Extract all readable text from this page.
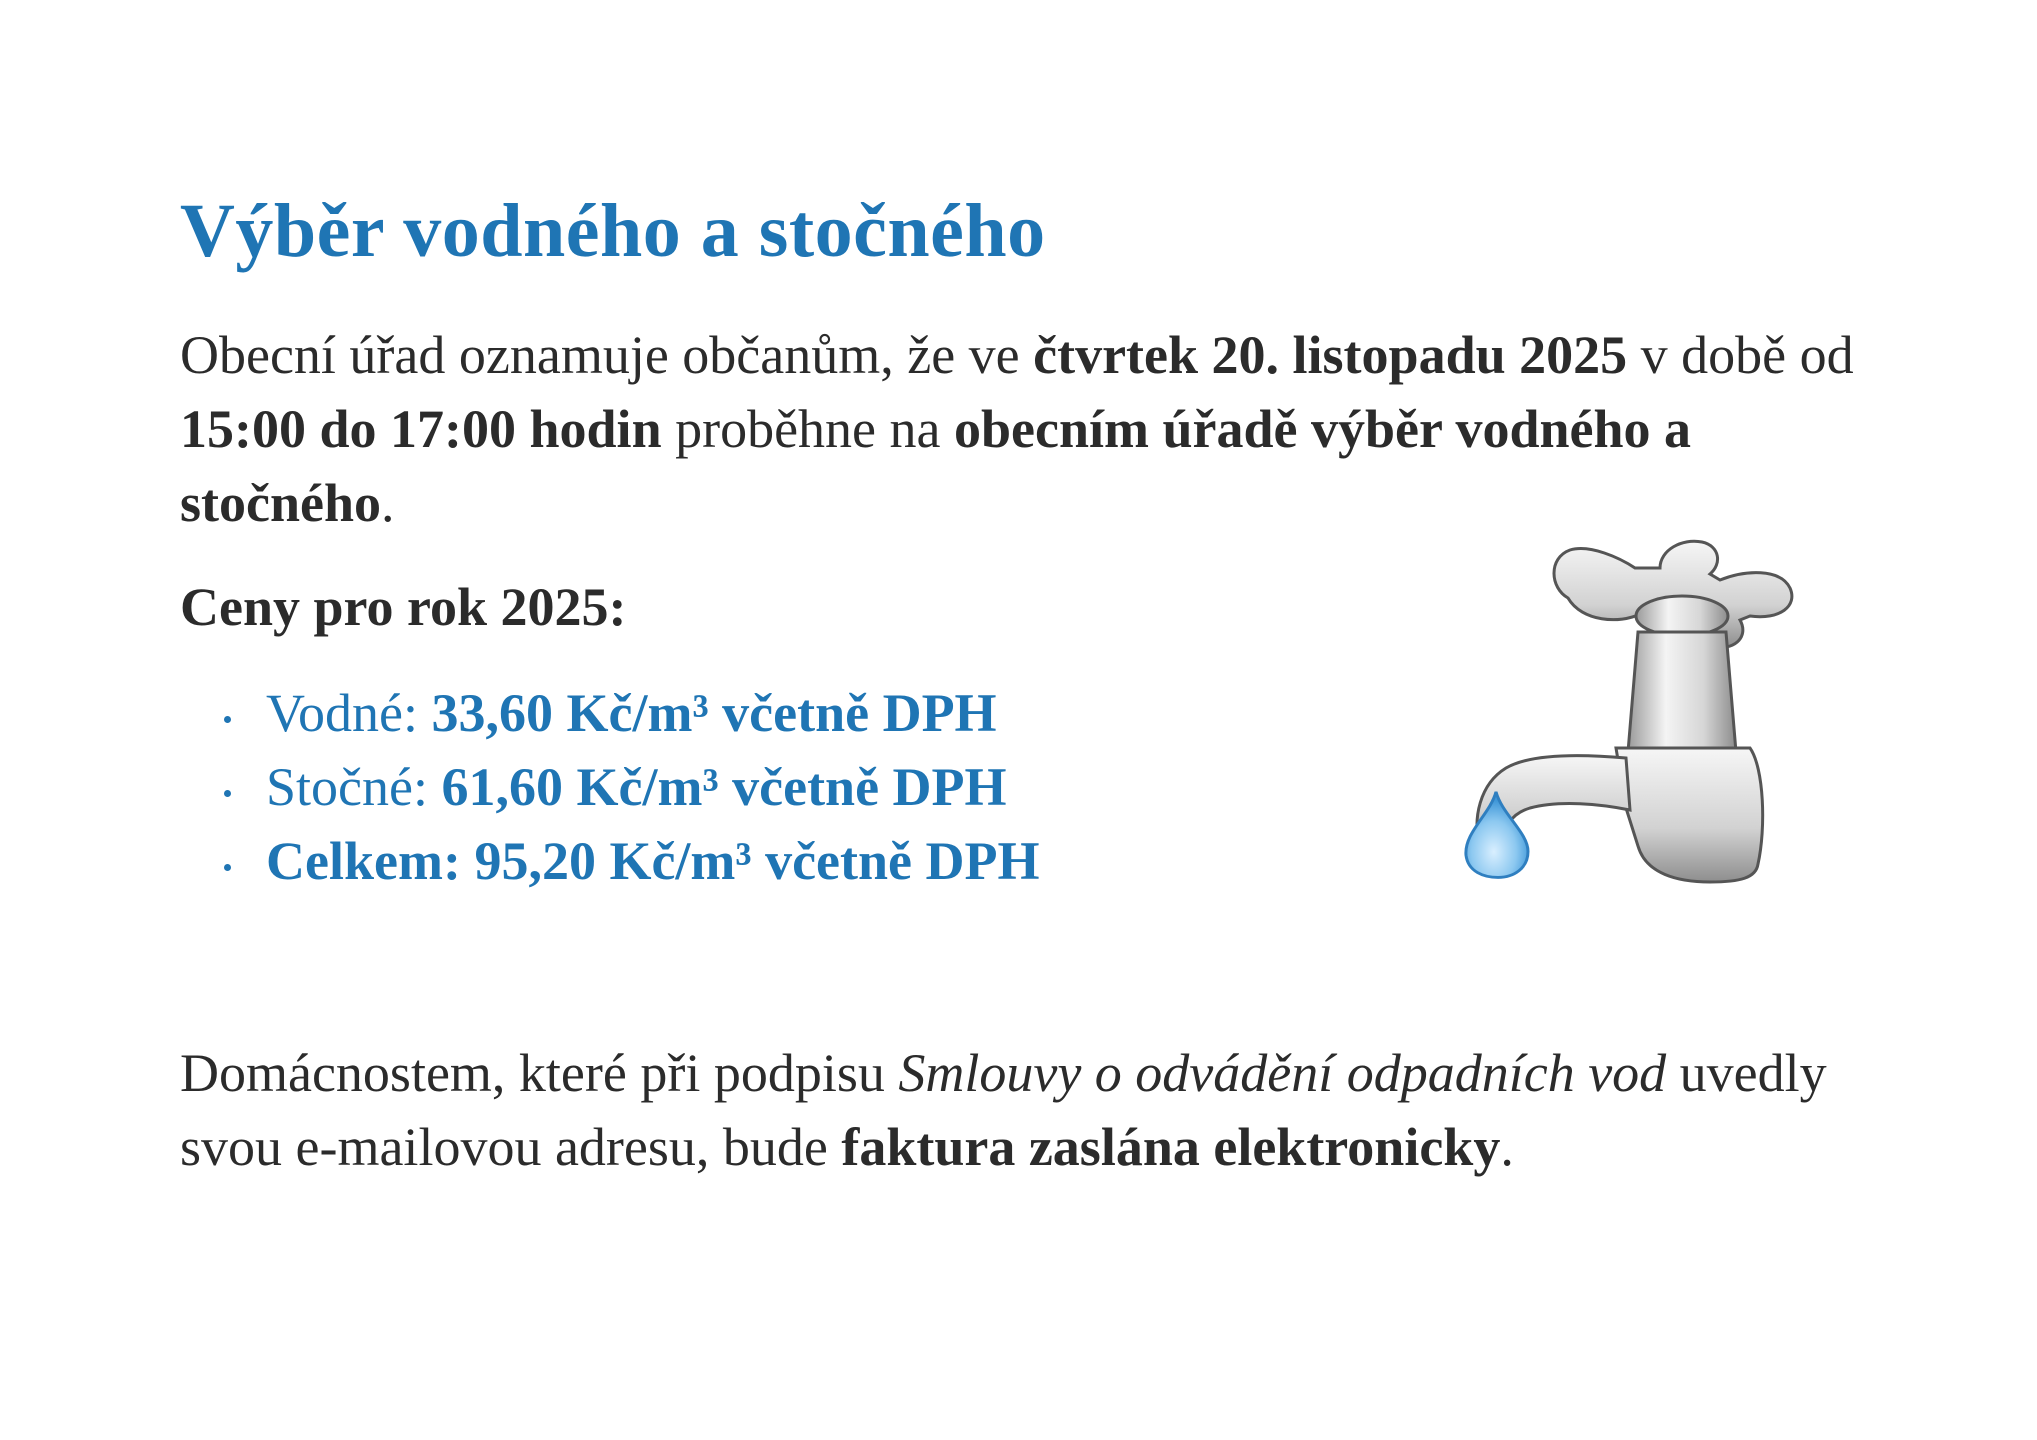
Výběr vodného a stočného

Obecní úřad oznamuje občanům, že ve čtvrtek 20. listopadu 2025 v době od 15:00 do 17:00 hodin proběhne na obecním úřadě výběr vodného a stočného.

Ceny pro rok 2025:

Vodné: 33,60 Kč/m³ včetně DPH
Stočné: 61,60 Kč/m³ včetně DPH
Celkem: 95,20 Kč/m³ včetně DPH

Domácnostem, které při podpisu Smlouvy o odvádění odpadních vod uvedly svou e-mailovou adresu, bude faktura zaslána elektronicky.
